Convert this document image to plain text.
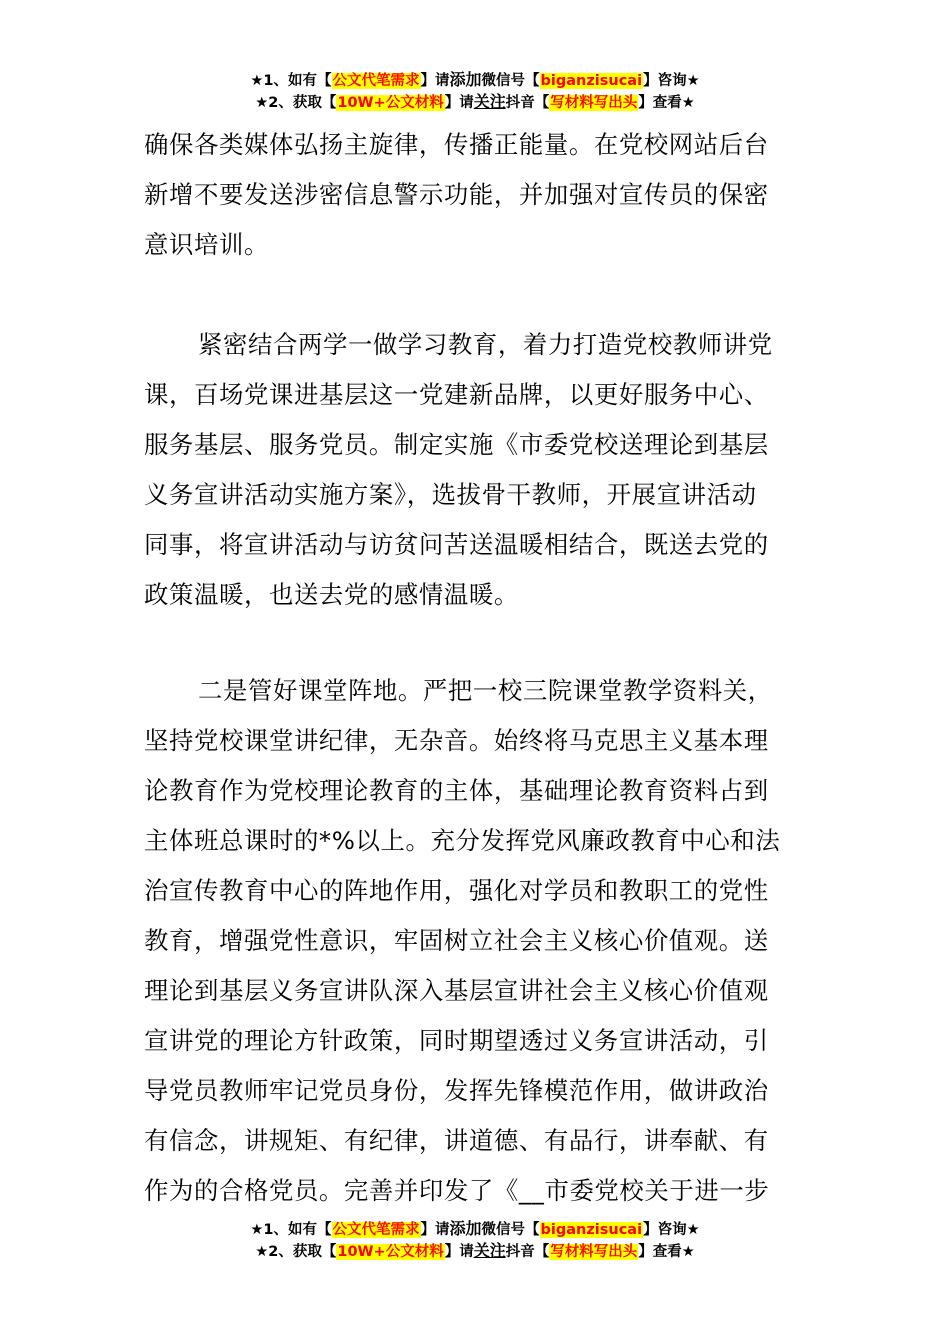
★1、如有【公文代笔需求】请添加微信号【biganzisucai】咨询★
★2、获取【10W+公文材料】请关注抖音【写材料写出头】查看★
确保各类媒体弘扬主旋律，传播正能量。在党校网站后台
新增不要发送涉密信息警示功能，并加强对宣传员的保密
意识培训。
紧密结合两学一做学习教育，着力打造党校教师讲党
课，百场党课进基层这一党建新品牌，以更好服务中心、
服务基层、服务党员。制定实施《市委党校送理论到基层
义务宣讲活动实施方案》，选拔骨干教师，开展宣讲活动
同事，将宣讲活动与访贫问苦送温暖相结合，既送去党的
政策温暖，也送去党的感情温暖。
二是管好课堂阵地。严把一校三院课堂教学资料关，
坚持党校课堂讲纪律，无杂音。始终将马克思主义基本理
论教育作为党校理论教育的主体，基础理论教育资料占到
主体班总课时的*%以上。充分发挥党风廉政教育中心和法
治宣传教育中心的阵地作用，强化对学员和教职工的党性
教育，增强党性意识，牢固树立社会主义核心价值观。送
理论到基层义务宣讲队深入基层宣讲社会主义核心价值观
宣讲党的理论方针政策，同时期望透过义务宣讲活动，引
导党员教师牢记党员身份，发挥先锋模范作用，做讲政治
有信念，讲规矩、有纪律，讲道德、有品行，讲奉献、有
作为的合格党员。完善并印发了《__市委党校关于进一步
★1、如有【公文代笔需求】请添加微信号【biganzisucai】咨询★
★2、获取【10W+公文材料】请关注抖音【写材料写出头】查看★
